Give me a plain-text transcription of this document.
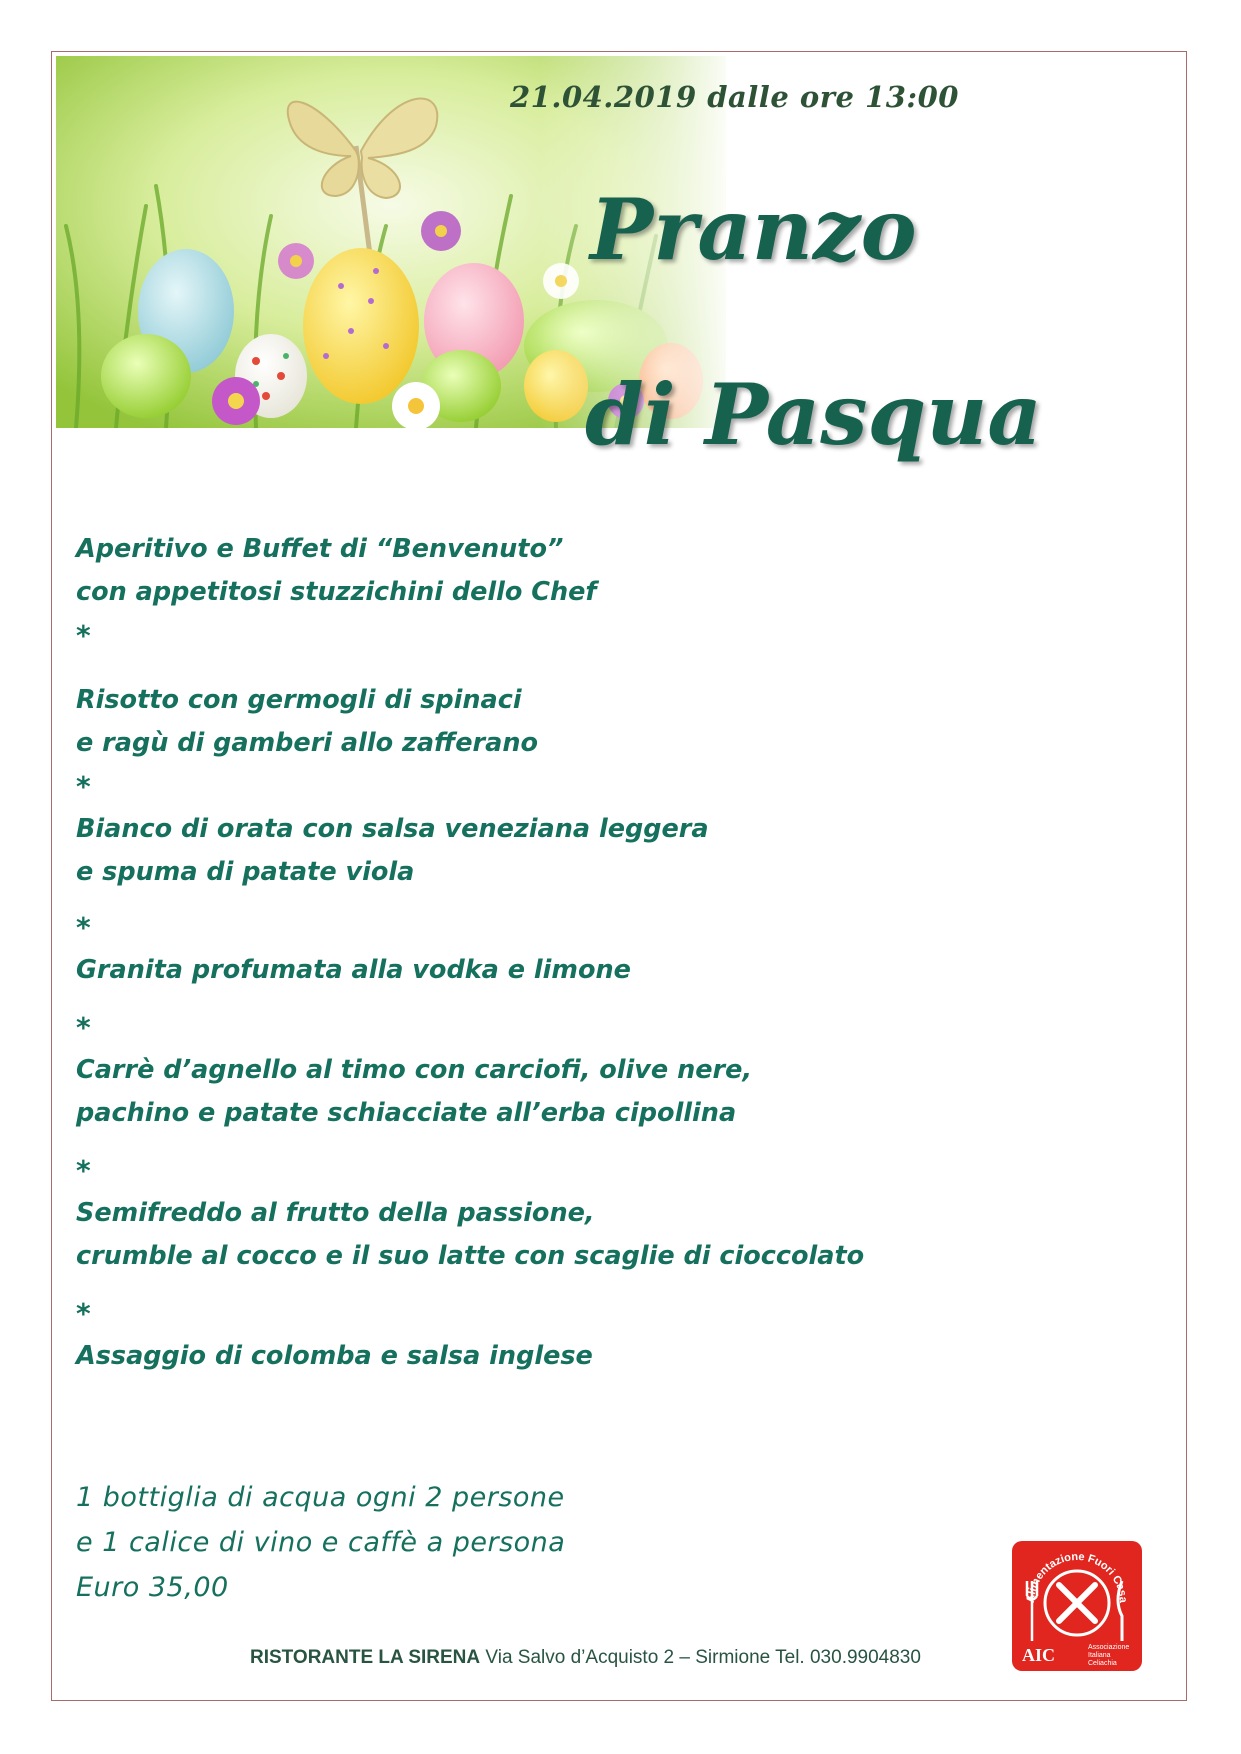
21.04.2019 dalle ore 13:00
Pranzo
di Pasqua
Aperitivo e Buffet di “Benvenuto”
con appetitosi stuzzichini dello Chef
*
Risotto con germogli di spinaci
e ragù di gamberi allo zafferano
*
Bianco di orata con salsa veneziana leggera
e spuma di patate viola
*
Granita profumata alla vodka e limone
*
Carrè d’agnello al timo con carciofi, olive nere,
pachino e patate schiacciate all’erba cipollina
*
Semifreddo al frutto della passione,
crumble al cocco e il suo latte con scaglie di cioccolato
*
Assaggio di colomba e salsa inglese
1 bottiglia di acqua ogni 2 persone
e 1 calice di vino e caffè a persona
Euro 35,00
RISTORANTE LA SIRENA Via Salvo d’Acquisto 2 – Sirmione Tel. 030.9904830
Alimentazione Fuori Casa
AIC	Associazione
Italiana
Celiachia
